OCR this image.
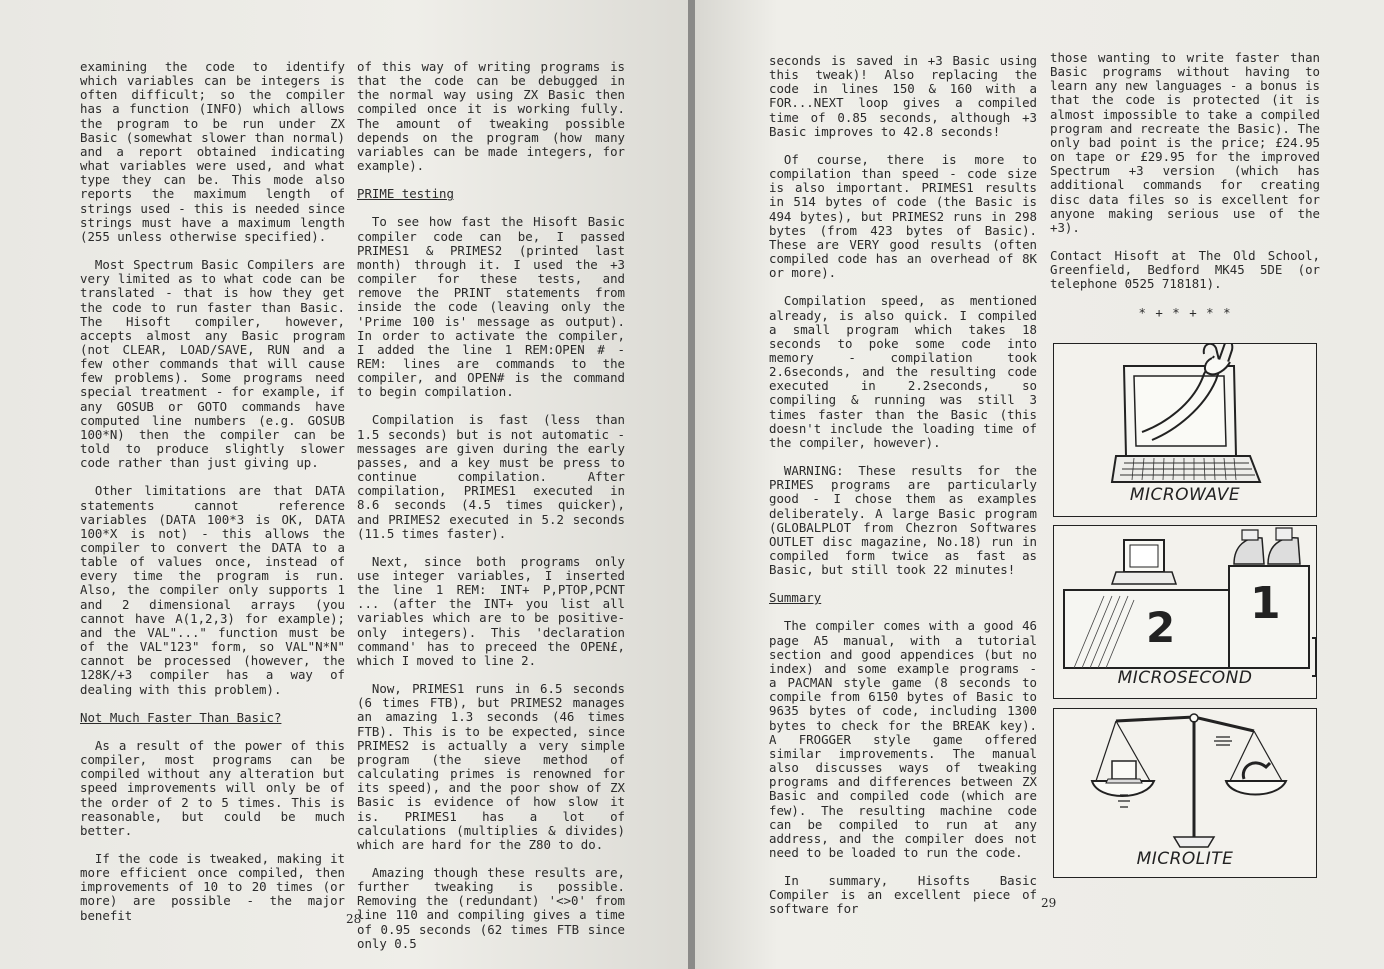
examining the code to identify which variables can be integers is often difficult; so the compiler has a function (INFO) which allows the program to be run under ZX Basic (somewhat slower than normal) and a report obtained indicating what variables were used, and what type they can be. This mode also reports the maximum length of strings used - this is needed since strings must have a maximum length (255 unless otherwise specified).

Most Spectrum Basic Compilers are very limited as to what code can be translated - that is how they get the code to run faster than Basic. The Hisoft compiler, however, accepts almost any Basic program (not CLEAR, LOAD/SAVE, RUN and a few other commands that will cause few problems). Some programs need special treatment - for example, if any GOSUB or GOTO commands have computed line numbers (e.g. GOSUB 100*N) then the compiler can be told to produce slightly slower code rather than just giving up.

Other limitations are that DATA statements cannot reference variables (DATA 100*3 is OK, DATA 100*X is not) - this allows the compiler to convert the DATA to a table of values once, instead of every time the program is run. Also, the compiler only supports 1 and 2 dimensional arrays (you cannot have A(1,2,3) for example); and the VAL"..." function must be of the VAL"123" form, so VAL"N*N" cannot be processed (however, the 128K/+3 compiler has a way of dealing with this problem).

Not Much Faster Than Basic?

As a result of the power of this compiler, most programs can be compiled without any alteration but speed improvements will only be of the order of 2 to 5 times. This is reasonable, but could be much better.

If the code is tweaked, making it more efficient once compiled, then improvements of 10 to 20 times (or more) are possible - the major benefit

of this way of writing programs is that the code can be debugged in the normal way using ZX Basic then compiled once it is working fully. The amount of tweaking possible depends on the program (how many variables can be made integers, for example).

PRIME testing

To see how fast the Hisoft Basic compiler code can be, I passed PRIMES1 & PRIMES2 (printed last month) through it. I used the +3 compiler for these tests, and remove the PRINT statements from inside the code (leaving only the 'Prime 100 is' message as output). In order to activate the compiler, I added the line 1 REM:OPEN # - REM: lines are commands to the compiler, and OPEN# is the command to begin compilation.

Compilation is fast (less than 1.5 seconds) but is not automatic - messages are given during the early passes, and a key must be press to continue compilation. After compilation, PRIMES1 executed in 8.6 seconds (4.5 times quicker), and PRIMES2 executed in 5.2 seconds (11.5 times faster).

Next, since both programs only use integer variables, I inserted the line 1 REM: INT+ P,PTOP,PCNT ... (after the INT+ you list all variables which are to be positive-only integers). This 'declaration command' has to preceed the OPEN£, which I moved to line 2.

Now, PRIMES1 runs in 6.5 seconds (6 times FTB), but PRIMES2 manages an amazing 1.3 seconds (46 times FTB). This is to be expected, since PRIMES2 is actually a very simple program (the sieve method of calculating primes is renowned for its speed), and the poor show of ZX Basic is evidence of how slow it is. PRIMES1 has a lot of calculations (multiplies & divides) which are hard for the Z80 to do.

Amazing though these results are, further tweaking is possible. Removing the (redundant) '<>0' from line 110 and compiling gives a time of 0.95 seconds (62 times FTB since only 0.5

28

seconds is saved in +3 Basic using this tweak)! Also replacing the code in lines 150 & 160 with a FOR...NEXT loop gives a compiled time of 0.85 seconds, although +3 Basic improves to 42.8 seconds!

Of course, there is more to compilation than speed - code size is also important. PRIMES1 results in 514 bytes of code (the Basic is 494 bytes), but PRIMES2 runs in 298 bytes (from 423 bytes of Basic). These are VERY good results (often compiled code has an overhead of 8K or more).

Compilation speed, as mentioned already, is also quick. I compiled a small program which takes 18 seconds to poke some code into memory - compilation took 2.6seconds, and the resulting code executed in 2.2seconds, so compiling & running was still 3 times faster than the Basic (this doesn't include the loading time of the compiler, however).

WARNING: These results for the PRIMES programs are particularly good - I chose them as examples deliberately. A large Basic program (GLOBALPLOT from Chezron Softwares OUTLET disc magazine, No.18) run in compiled form twice as fast as Basic, but still took 22 minutes!

Summary

The compiler comes with a good 46 page A5 manual, with a tutorial section and good appendices (but no index) and some example programs - a PACMAN style game (8 seconds to compile from 6150 bytes of Basic to 9635 bytes of code, including 1300 bytes to check for the BREAK key). A FROGGER style game offered similar improvements. The manual also discusses ways of tweaking programs and differences between ZX Basic and compiled code (which are few). The resulting machine code can be compiled to run at any address, and the compiler does not need to be loaded to run the code.

In summary, Hisofts Basic Compiler is an excellent piece of software for

those wanting to write faster than Basic programs without having to learn any new languages - a bonus is that the code is protected (it is almost impossible to take a compiled program and recreate the Basic). The only bad point is the price; £24.95 on tape or £29.95 for the improved Spectrum +3 version (which has additional commands for creating disc data files so is excellent for anyone making serious use of the +3).

Contact Hisoft at The Old School, Greenfield, Bedford MK45 5DE (or telephone 0525 718181).

* + * + * *
MICROWAVE
2 1
MICROSECOND
MICROLITE
29
